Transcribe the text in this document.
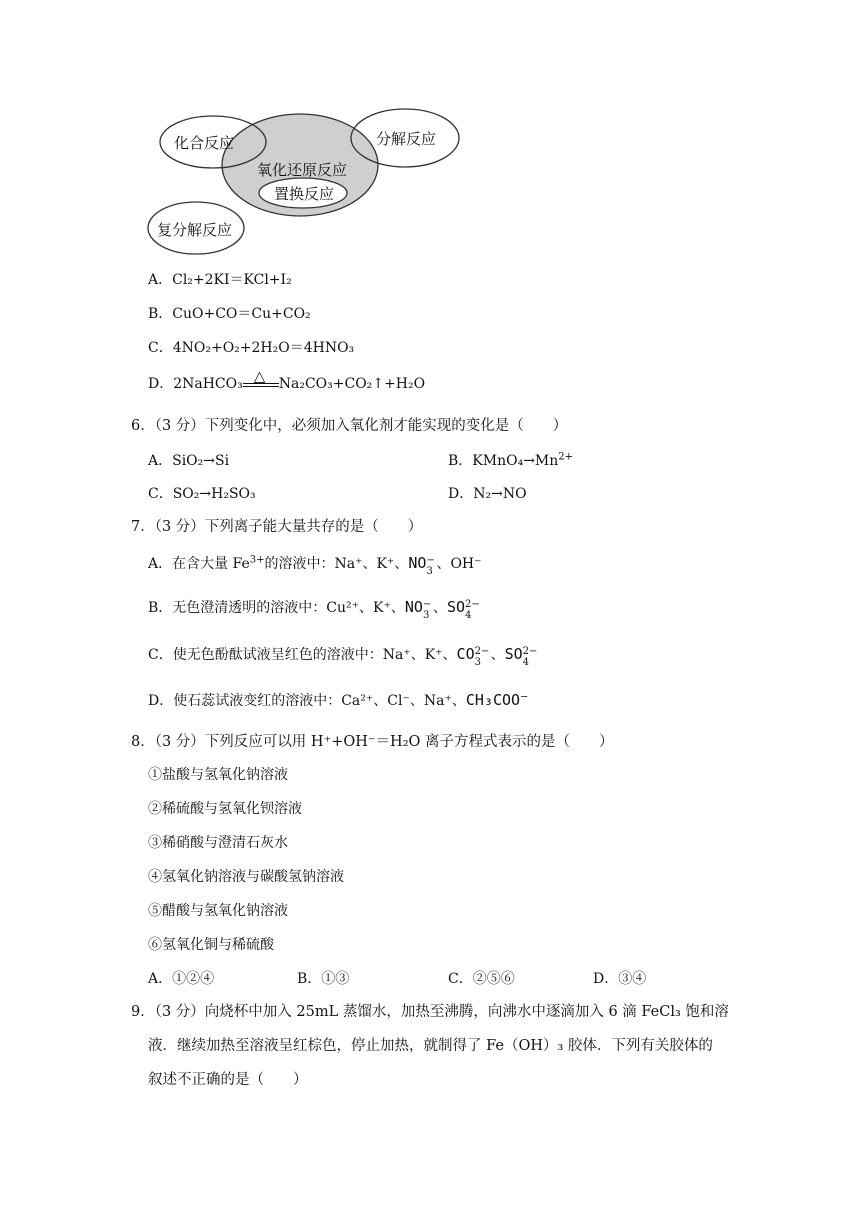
化合反应	分解反应
氧化还原反应
置换反应
复分解反应
A．Cl₂+2KI＝KCl+I₂
B．CuO+CO＝Cu+CO₂
C．4NO₂+O₂+2H₂O＝4HNO₃
D．2NaHCO₃ △ Na₂CO₃+CO₂↑+H₂O
6．（3 分）下列变化中，必须加入氧化剂才能实现的变化是（　　）
A．SiO₂→Si	B．$KMnO_4\to Mn^{2+}$
C．SO₂→H₂SO₃	D．N₂→NO
7．（3 分）下列离子能大量共存的是（　　）
A．在含大量 $Fe^{3+}$的溶液中：Na⁺、K⁺、NO −
3 、OH⁻
B．无色澄清透明的溶液中：Cu²⁺、K⁺、NO −
3 、SO 2−
4
C．使无色酚酞试液呈红色的溶液中：Na⁺、K⁺、CO 2−
3 、SO 2−
4
D．使石蕊试液变红的溶液中：Ca²⁺、Cl⁻、Na⁺、CH₃COO−
8．（3 分）下列反应可以用 H⁺+OH⁻＝H₂O 离子方程式表示的是（　　）
①盐酸与氢氧化钠溶液
②稀硫酸与氢氧化钡溶液
③稀硝酸与澄清石灰水
④氢氧化钠溶液与碳酸氢钠溶液
⑤醋酸与氢氧化钠溶液
⑥氢氧化铜与稀硫酸
A．①②④	B．①③	C．②⑤⑥	D．③④
9．（3 分）向烧杯中加入 25mL 蒸馏水，加热至沸腾，向沸水中逐滴加入 6 滴 FeCl₃ 饱和溶
液．继续加热至溶液呈红棕色，停止加热，就制得了 Fe（OH）₃ 胶体．下列有关胶体的
叙述不正确的是（　　）
